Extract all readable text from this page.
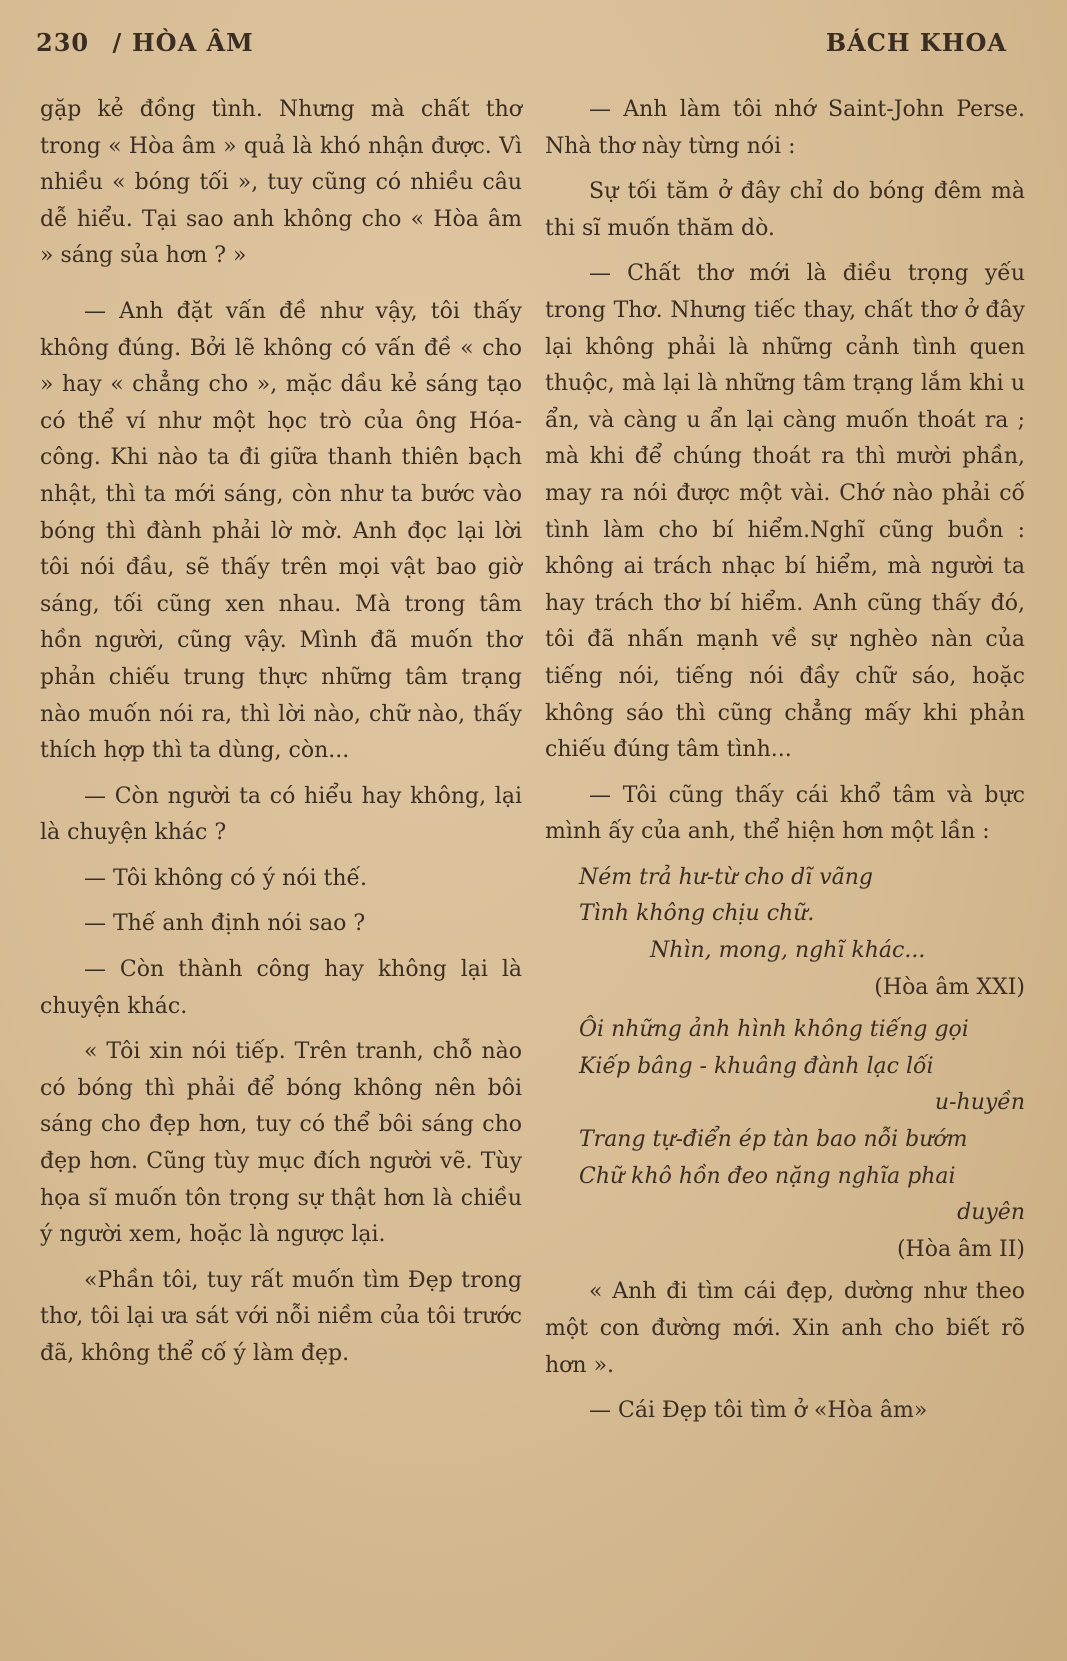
230 / HÒA ÂM	BÁCH KHOA

gặp kẻ đồng tình. Nhưng mà chất thơ trong « Hòa âm » quả là khó nhận được. Vì nhiều « bóng tối », tuy cũng có nhiều câu dễ hiểu. Tại sao anh không cho « Hòa âm » sáng sủa hơn ? »

— Anh đặt vấn đề như vậy, tôi thấy không đúng. Bởi lẽ không có vấn đề « cho » hay « chẳng cho », mặc dầu kẻ sáng tạo có thể ví như một học trò của ông Hóa-công. Khi nào ta đi giữa thanh thiên bạch nhật, thì ta mới sáng, còn như ta bước vào bóng thì đành phải lờ mờ. Anh đọc lại lời tôi nói đầu, sẽ thấy trên mọi vật bao giờ sáng, tối cũng xen nhau. Mà trong tâm hồn người, cũng vậy. Mình đã muốn thơ phản chiếu trung thực những tâm trạng nào muốn nói ra, thì lời nào, chữ nào, thấy thích hợp thì ta dùng, còn...

— Còn người ta có hiểu hay không, lại là chuyện khác ?

— Tôi không có ý nói thế.

— Thế anh định nói sao ?

— Còn thành công hay không lại là chuyện khác.

« Tôi xin nói tiếp. Trên tranh, chỗ nào có bóng thì phải để bóng không nên bôi sáng cho đẹp hơn, tuy có thể bôi sáng cho đẹp hơn. Cũng tùy mục đích người vẽ. Tùy họa sĩ muốn tôn trọng sự thật hơn là chiều ý người xem, hoặc là ngược lại.

«Phần tôi, tuy rất muốn tìm Đẹp trong thơ, tôi lại ưa sát với nỗi niềm của tôi trước đã, không thể cố ý làm đẹp.

— Anh làm tôi nhớ Saint-John Perse. Nhà thơ này từng nói :

Sự tối tăm ở đây chỉ do bóng đêm mà thi sĩ muốn thăm dò.

— Chất thơ mới là điều trọng yếu trong Thơ. Nhưng tiếc thay, chất thơ ở đây lại không phải là những cảnh tình quen thuộc, mà lại là những tâm trạng lắm khi u ẩn, và càng u ẩn lại càng muốn thoát ra ; mà khi để chúng thoát ra thì mười phần, may ra nói được một vài. Chớ nào phải cố tình làm cho bí hiểm.Nghĩ cũng buồn : không ai trách nhạc bí hiểm, mà người ta hay trách thơ bí hiểm. Anh cũng thấy đó, tôi đã nhấn mạnh về sự nghèo nàn của tiếng nói, tiếng nói đầy chữ sáo, hoặc không sáo thì cũng chẳng mấy khi phản chiếu đúng tâm tình...

— Tôi cũng thấy cái khổ tâm và bực mình ấy của anh, thể hiện hơn một lần :

Ném trả hư-từ cho dĩ vãng

Tình không chịu chữ.

Nhìn, mong, nghĩ khác...

(Hòa âm XXI)

Ôi những ảnh hình không tiếng gọi

Kiếp bâng - khuâng đành lạc lối

u-huyền

Trang tự-điển ép tàn bao nỗi bướm

Chữ khô hồn đeo nặng nghĩa phai

duyên

(Hòa âm II)

« Anh đi tìm cái đẹp, dường như theo một con đường mới. Xin anh cho biết rõ hơn ».

— Cái Đẹp tôi tìm ở «Hòa âm»
